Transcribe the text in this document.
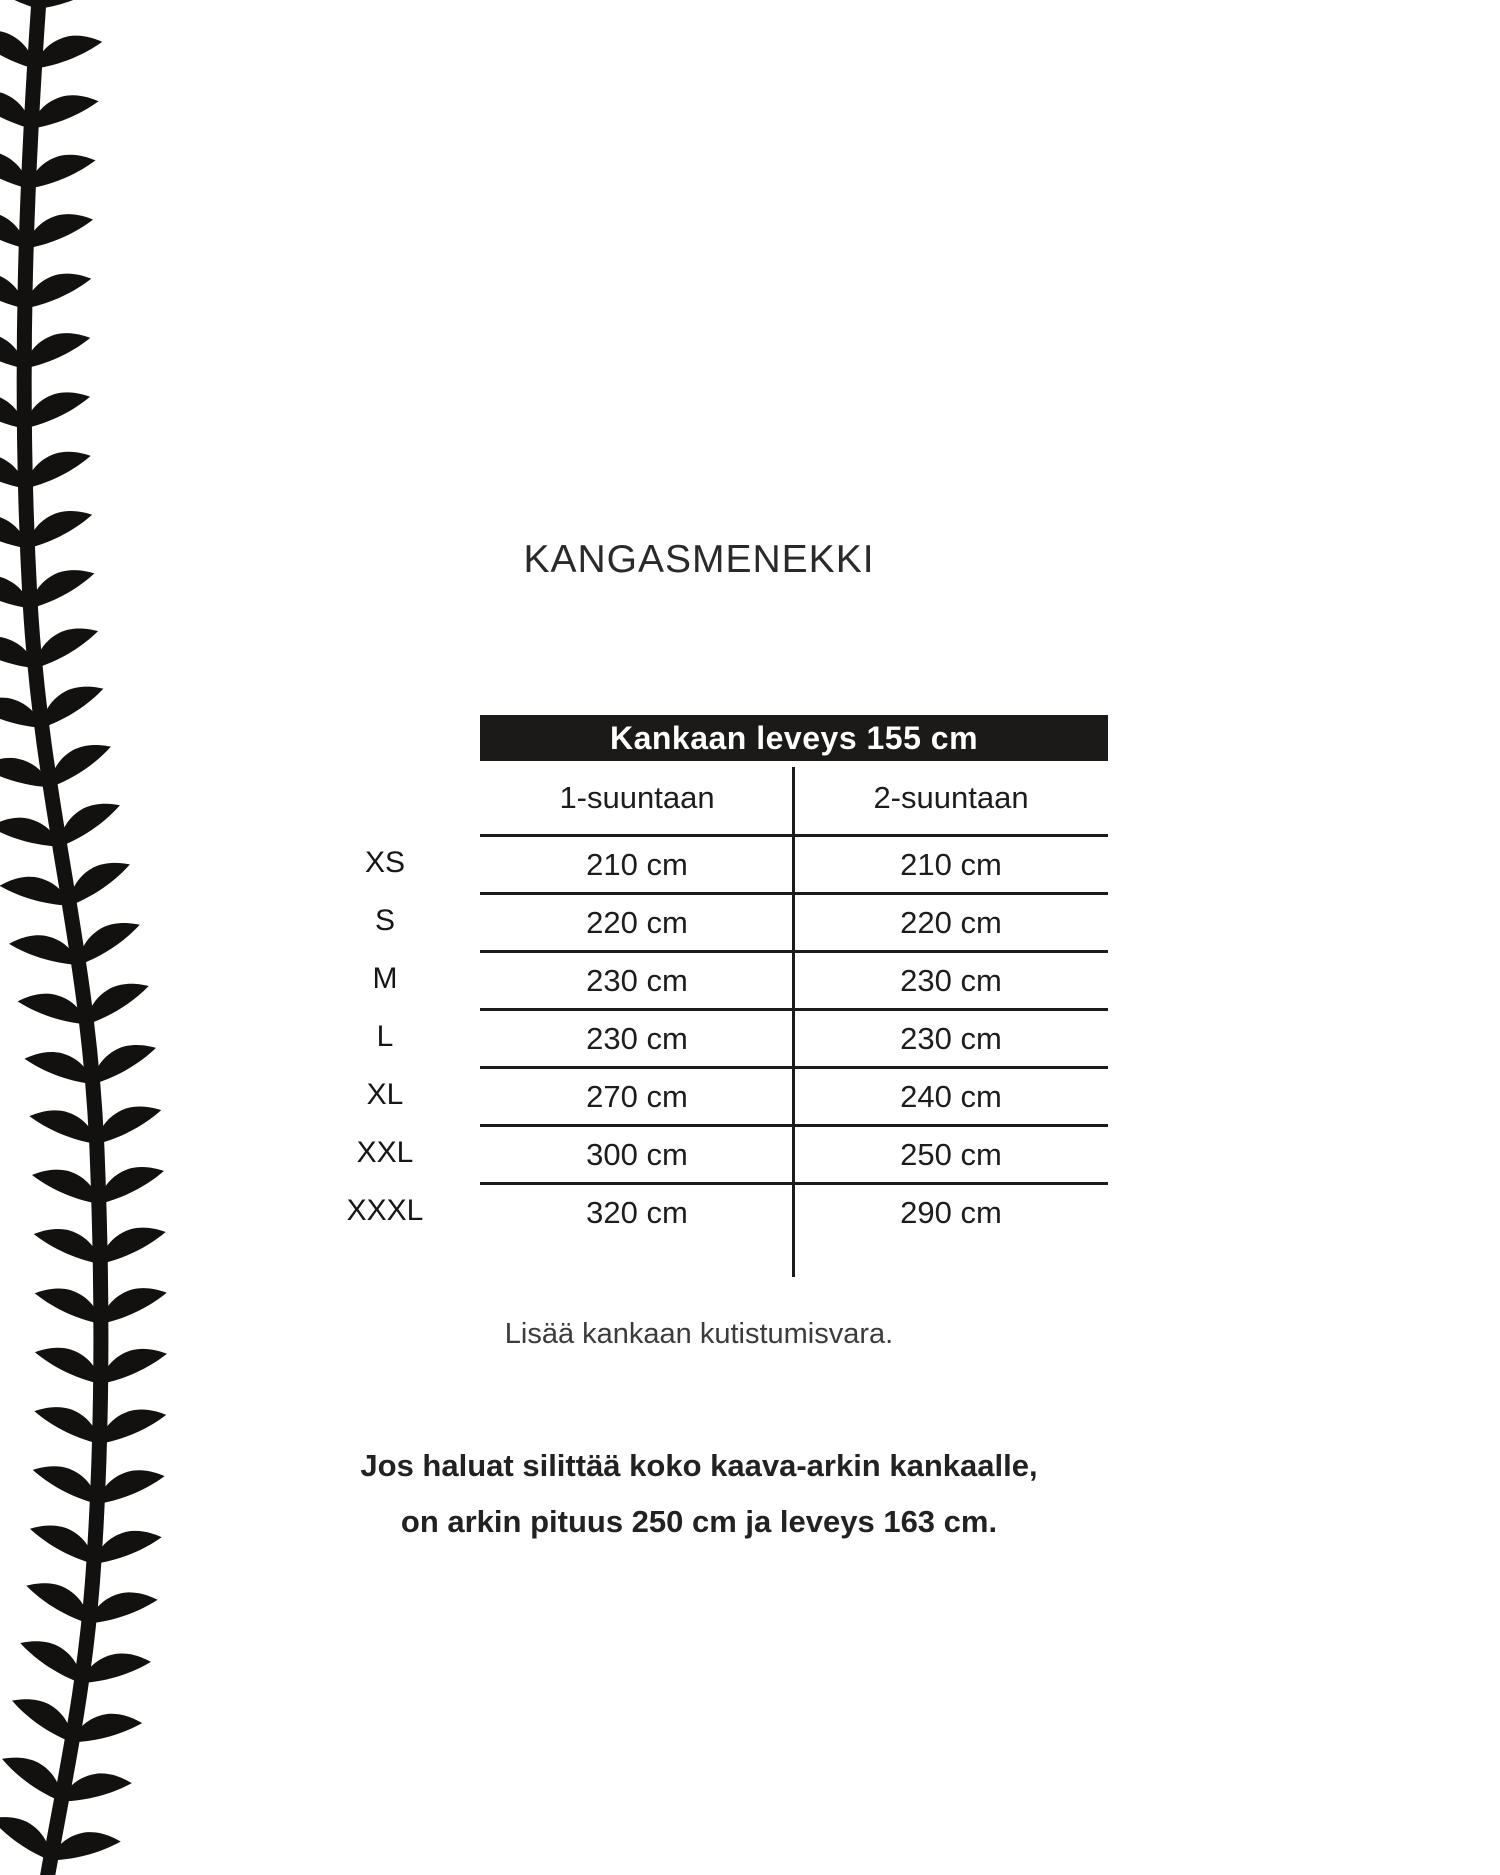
KANGASMENEKKI
Kankaan leveys 155 cm
1-suuntaan	2-suuntaan
XS	210 cm	210 cm
S	220 cm	220 cm
M	230 cm	230 cm
L	230 cm	230 cm
XL	270 cm	240 cm
XXL	300 cm	250 cm
XXXL	320 cm	290 cm

Lisää kankaan kutistumisvara.

Jos haluat silittää koko kaava-arkin kankaalle,
on arkin pituus 250 cm ja leveys 163 cm.
